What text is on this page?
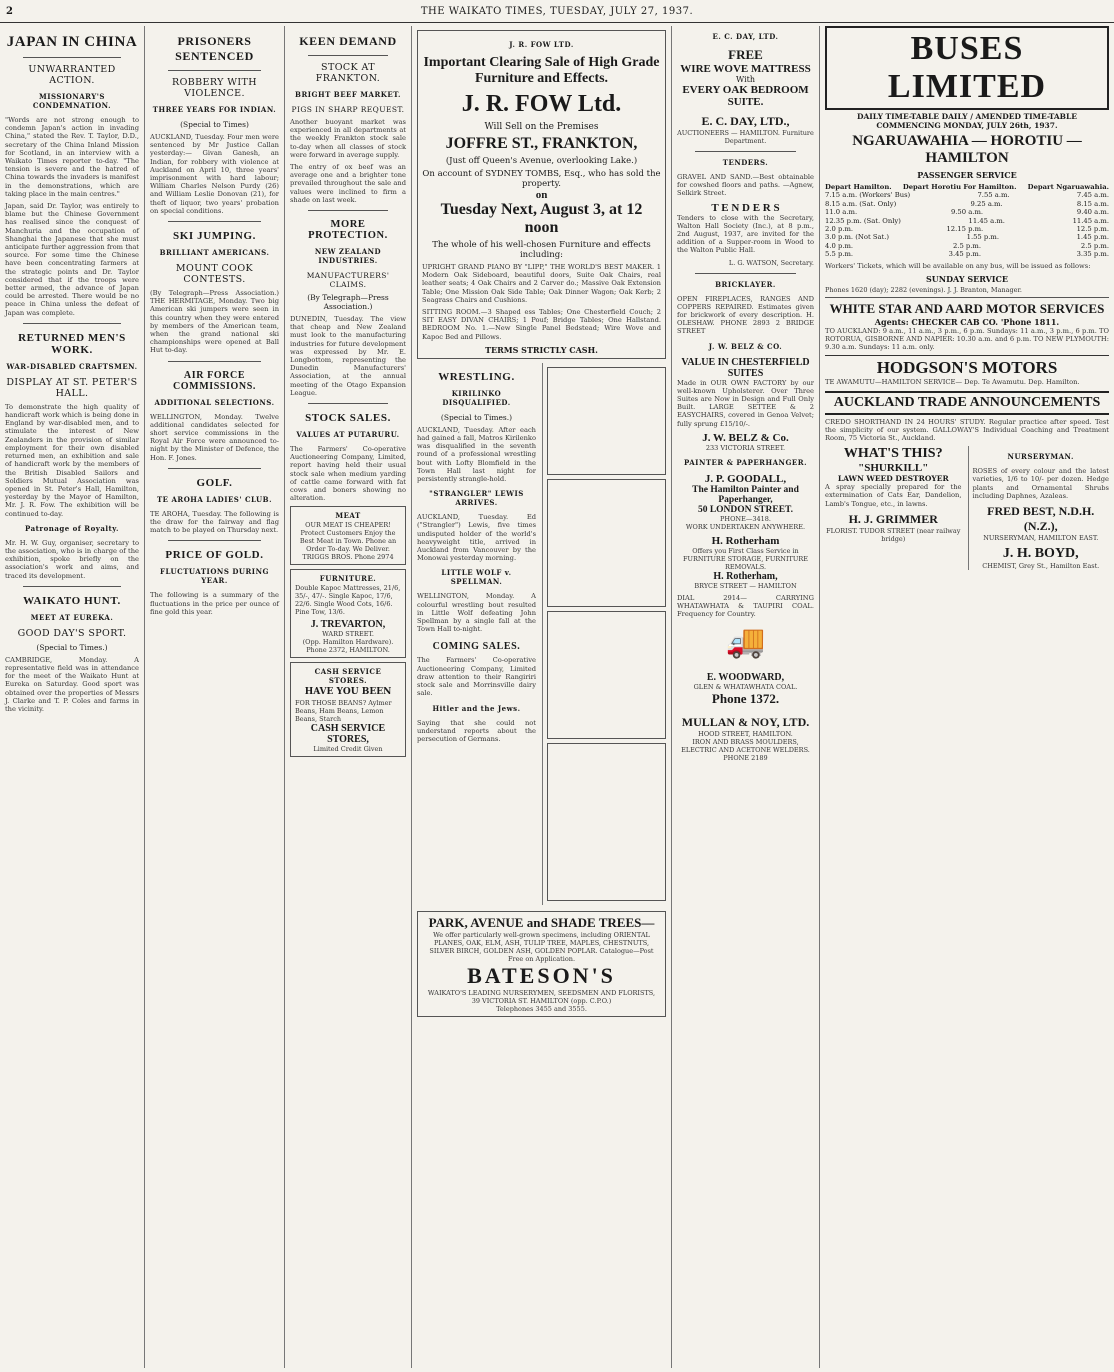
2	THE WAIKATO TIMES, TUESDAY, JULY 27, 1937.
JAPAN IN CHINA
UNWARRANTED ACTION.
MISSIONARY'S CONDEMNATION.

"Words are not strong enough to condemn Japan's action in invading China," stated the Rev. T. Taylor, D.D., secretary of the China Inland Mission for Scotland, in an interview with a Waikato Times reporter to-day. "The tension is severe and the hatred of China towards the invaders is manifest in the demonstrations, which are taking place in the main centres."

Japan, said Dr. Taylor, was entirely to blame but the Chinese Government has realised since the conquest of Manchuria and the occupation of Shanghai the Japanese that she must anticipate further aggression from that source. For some time the Chinese have been concentrating farmers at the strategic points and Dr. Taylor considered that if the troops were better armed, the advance of Japan could be arrested. There would be no peace in China unless the defeat of Japan was complete.

RETURNED MEN'S WORK.
WAR-DISABLED CRAFTSMEN.
DISPLAY AT ST. PETER'S HALL.

To demonstrate the high quality of handicraft work which is being done in England by war-disabled men, and to stimulate the interest of New Zealanders in the provision of similar employment for their own disabled returned men, an exhibition and sale of handicraft work by the members of the British Disabled Sailors and Soldiers Mutual Association was opened in St. Peter's Hall, Hamilton, yesterday by the Mayor of Hamilton, Mr. J. R. Fow. The exhibition will be continued to-day.

Patronage of Royalty.

Mr. H. W. Guy, organiser, secretary to the association, who is in charge of the exhibition, spoke briefly on the association's work and aims, and traced its development.

WAIKATO HUNT.
MEET AT EUREKA.
GOOD DAY'S SPORT.
(Special to Times.)

CAMBRIDGE, Monday. A representative field was in attendance for the meet of the Waikato Hunt at Eureka on Saturday. Good sport was obtained over the properties of Messrs J. Clarke and T. P. Coles and farms in the vicinity.

PRISONERS SENTENCED
ROBBERY WITH VIOLENCE.
THREE YEARS FOR INDIAN.
(Special to Times)

AUCKLAND, Tuesday. Four men were sentenced by Mr Justice Callan yesterday:— Givan Ganesh, an Indian, for robbery with violence at Auckland on April 10, three years' imprisonment with hard labour; William Charles Nelson Purdy (26) and William Leslie Donovan (21), for theft of liquor, two years' probation on special conditions.

SKI JUMPING.
BRILLIANT AMERICANS.
MOUNT COOK CONTESTS.

(By Telegraph—Press Association.) THE HERMITAGE, Monday. Two big American ski jumpers were seen in this country when they were entered by members of the American team, when the grand national ski championships were opened at Ball Hut to-day.

AIR FORCE COMMISSIONS.
ADDITIONAL SELECTIONS.

WELLINGTON, Monday. Twelve additional candidates selected for short service commissions in the Royal Air Force were announced to-night by the Minister of Defence, the Hon. F. Jones.

GOLF.
TE AROHA LADIES' CLUB.

TE AROHA, Tuesday. The following is the draw for the fairway and flag match to be played on Thursday next.

PRICE OF GOLD.
FLUCTUATIONS DURING YEAR.

The following is a summary of the fluctuations in the price per ounce of fine gold this year.

KEEN DEMAND
STOCK AT FRANKTON.
BRIGHT BEEF MARKET.
PIGS IN SHARP REQUEST.

Another buoyant market was experienced in all departments at the weekly Frankton stock sale to-day when all classes of stock were forward in average supply.

The entry of ox beef was an average one and a brighter tone prevailed throughout the sale and values were inclined to firm a shade on last week.

MORE PROTECTION.
NEW ZEALAND INDUSTRIES.
MANUFACTURERS' CLAIMS.
(By Telegraph—Press Association.)

DUNEDIN, Tuesday. The view that cheap and New Zealand must look to the manufacturing industries for future development was expressed by Mr. E. Longbottom, representing the Dunedin Manufacturers' Association, at the annual meeting of the Otago Expansion League.

STOCK SALES.
VALUES AT PUTARURU.

The Farmers' Co-operative Auctioneering Company, Limited, report having held their usual stock sale when medium yarding of cattle came forward with fat cows and boners showing no alteration.

MEAT
OUR MEAT IS CHEAPER! Protect Customers Enjoy the Best Meat in Town. Phone an Order To-day. We Deliver. TRIGGS BROS. Phone 2974
FURNITURE.
Double Kapoc Mattresses, 21/6, 35/-, 47/-. Single Kapoc, 17/6, 22/6. Single Wood Cots, 16/6. Pine Tow, 13/6.
J. TREVARTON,
WARD STREET.
(Opp. Hamilton Hardware).
Phone 2372, HAMILTON.
CASH SERVICE STORES.
HAVE YOU BEEN
FOR THOSE BEANS? Aylmer Beans, Ham Beans, Lemon Beans, Starch
CASH SERVICE STORES,
Limited Credit Given
J. R. FOW LTD.
Important Clearing Sale of High Grade Furniture and Effects.
J. R. FOW Ltd.
Will Sell on the Premises
JOFFRE ST., FRANKTON,
(Just off Queen's Avenue, overlooking Lake.)
On account of SYDNEY TOMBS, Esq., who has sold the property.
on
Tuesday Next, August 3, at 12 noon
The whole of his well-chosen Furniture and effects including:

UPRIGHT GRAND PIANO BY "LIPP," THE WORLD'S BEST MAKER. 1 Modern Oak Sideboard, beautiful doors, Suite Oak Chairs, real leather seats; 4 Oak Chairs and 2 Carver do.; Massive Oak Extension Table; One Mission Oak Side Table; Oak Dinner Wagon; Oak Kerb; 2 Seagrass Chairs and Cushions.

SITTING ROOM.—3 Shaped ess Tables; One Chesterfield Couch; 2 SIT EASY DIVAN CHAIRS; 1 Pouf; Bridge Tables; One Hallstand. BEDROOM No. 1.—New Single Panel Bedstead; Wire Wove and Kapoc Bed and Pillows.

TERMS STRICTLY CASH.
WRESTLING.
KIRILINKO DISQUALIFIED.
(Special to Times.)

AUCKLAND, Tuesday. After each had gained a fall, Matros Kirilenko was disqualified in the seventh round of a professional wrestling bout with Lofty Blomfield in the Town Hall last night for persistently strangle-hold.

"STRANGLER" LEWIS ARRIVES.

AUCKLAND, Tuesday. Ed ("Strangler") Lewis, five times undisputed holder of the world's heavyweight title, arrived in Auckland from Vancouver by the Monowai yesterday morning.

LITTLE WOLF v. SPELLMAN.

WELLINGTON, Monday. A colourful wrestling bout resulted in Little Wolf defeating John Spellman by a single fall at the Town Hall to-night.

COMING SALES.

The Farmers' Co-operative Auctioneering Company, Limited draw attention to their Rangiriri stock sale and Morrinsville dairy sale.

Hitler and the Jews.

Saying that she could not understand reports about the persecution of Germans.

PARK, AVENUE and SHADE TREES—
We offer particularly well-grown specimens, including ORIENTAL PLANES, OAK, ELM, ASH, TULIP TREE, MAPLES, CHESTNUTS, SILVER BIRCH, GOLDEN ASH, GOLDEN POPLAR. Catalogue—Post Free on Application.
BATESON'S
WAIKATO'S LEADING NURSERYMEN, SEEDSMEN AND FLORISTS,
39 VICTORIA ST. HAMILTON (opp. C.P.O.)
Telephones 3455 and 3555.
E. C. DAY, LTD.
FREE
WIRE WOVE MATTRESS
With
EVERY OAK BEDROOM
SUITE.
E. C. DAY, LTD.,
AUCTIONEERS — HAMILTON. Furniture Department.
TENDERS.

GRAVEL AND SAND.—Best obtainable for cowshed floors and paths. —Agnew, Selkirk Street.

T E N D E R S

Tenders to close with the Secretary, Walton Hall Society (Inc.), at 8 p.m., 2nd August, 1937, are invited for the addition of a Supper-room in Wood to the Walton Public Hall.

L. G. WATSON, Secretary.
BRICKLAYER.

OPEN FIREPLACES, RANGES AND COPPERS REPAIRED. Estimates given for brickwork of every description. H. OLESHAW. PHONE 2893 2 BRIDGE STREET

J. W. BELZ & CO.
VALUE IN CHESTERFIELD SUITES

Made in OUR OWN FACTORY by our well-known Upholsterer. Over Three Suites are Now in Design and Full Only Built. LARGE SETTEE & 2 EASYCHAIRS, covered in Genoa Velvet; fully sprung £15/10/-.

J. W. BELZ & Co.
233 VICTORIA STREET.
PAINTER & PAPERHANGER.
J. P. GOODALL,
The Hamilton Painter and Paperhanger,
50 LONDON STREET.
PHONE—3418.
WORK UNDERTAKEN ANYWHERE.
H. Rotherham
Offers you First Class Service in FURNITURE STORAGE, FURNITURE REMOVALS.
H. Rotherham,
BRYCE STREET — HAMILTON

DIAL 2914— CARRYING WHATAWHATA & TAUPIRI COAL. Frequency for Country.

🚚
E. WOODWARD,
GLEN & WHATAWHATA COAL.
Phone 1372.
MULLAN & NOY, LTD.
HOOD STREET, HAMILTON.
IRON AND BRASS MOULDERS, ELECTRIC AND ACETONE WELDERS.
PHONE 2189
BUSES LIMITED
DAILY TIME-TABLE DAILY / AMENDED TIME-TABLE COMMENCING MONDAY, JULY 26th, 1937.
NGARUAWAHIA — HOROTIU — HAMILTON
PASSENGER SERVICE
Depart Hamilton. Depart Horotiu For Hamilton. Depart Ngaruawahia.
7.15 a.m. (Workers' Bus)	7.55 a.m.	7.45 a.m.
8.15 a.m. (Sat. Only)	9.25 a.m.	8.15 a.m.
11.0 a.m.	9.50 a.m.	9.40 a.m.
12.35 p.m. (Sat. Only)	11.45 a.m.	11.45 a.m.
2.0 p.m.	12.15 p.m.	12.5 p.m.
3.0 p.m. (Not Sat.)	1.55 p.m.	1.45 p.m.
4.0 p.m.	2.5 p.m.	2.5 p.m.
5.5 p.m.	3.45 p.m.	3.35 p.m.

Workers' Tickets, which will be available on any bus, will be issued as follows:

SUNDAY SERVICE
Phones 1620 (day); 2282 (evenings). J. J. Branton, Manager.
WHITE STAR AND AARD MOTOR SERVICES
Agents: CHECKER CAB CO. 'Phone 1811.

TO AUCKLAND: 9 a.m., 11 a.m., 3 p.m., 6 p.m. Sundays: 11 a.m., 3 p.m., 6 p.m. TO ROTORUA, GISBORNE AND NAPIER: 10.30 a.m. and 6 p.m. TO NEW PLYMOUTH: 9.30 a.m. Sundays: 11 a.m. only.

HODGSON'S MOTORS

TE AWAMUTU—HAMILTON SERVICE— Dep. Te Awamutu. Dep. Hamilton.

AUCKLAND TRADE ANNOUNCEMENTS

CREDO SHORTHAND IN 24 HOURS' STUDY. Regular practice after speed. Test the simplicity of our system. GALLOWAY'S Individual Coaching and Treatment Room, 75 Victoria St., Auckland.

WHAT'S THIS?
"SHURKILL"
LAWN WEED DESTROYER

A spray specially prepared for the extermination of Cats Ear, Dandelion, Lamb's Tongue, etc., in lawns.

H. J. GRIMMER
FLORIST. TUDOR STREET (near railway bridge)
NURSERYMAN.

ROSES of every colour and the latest varieties, 1/6 to 10/- per dozen. Hedge plants and Ornamental Shrubs including Daphnes, Azaleas.

FRED BEST, N.D.H. (N.Z.),
NURSERYMAN, HAMILTON EAST.
J. H. BOYD,
CHEMIST, Grey St., Hamilton East.
